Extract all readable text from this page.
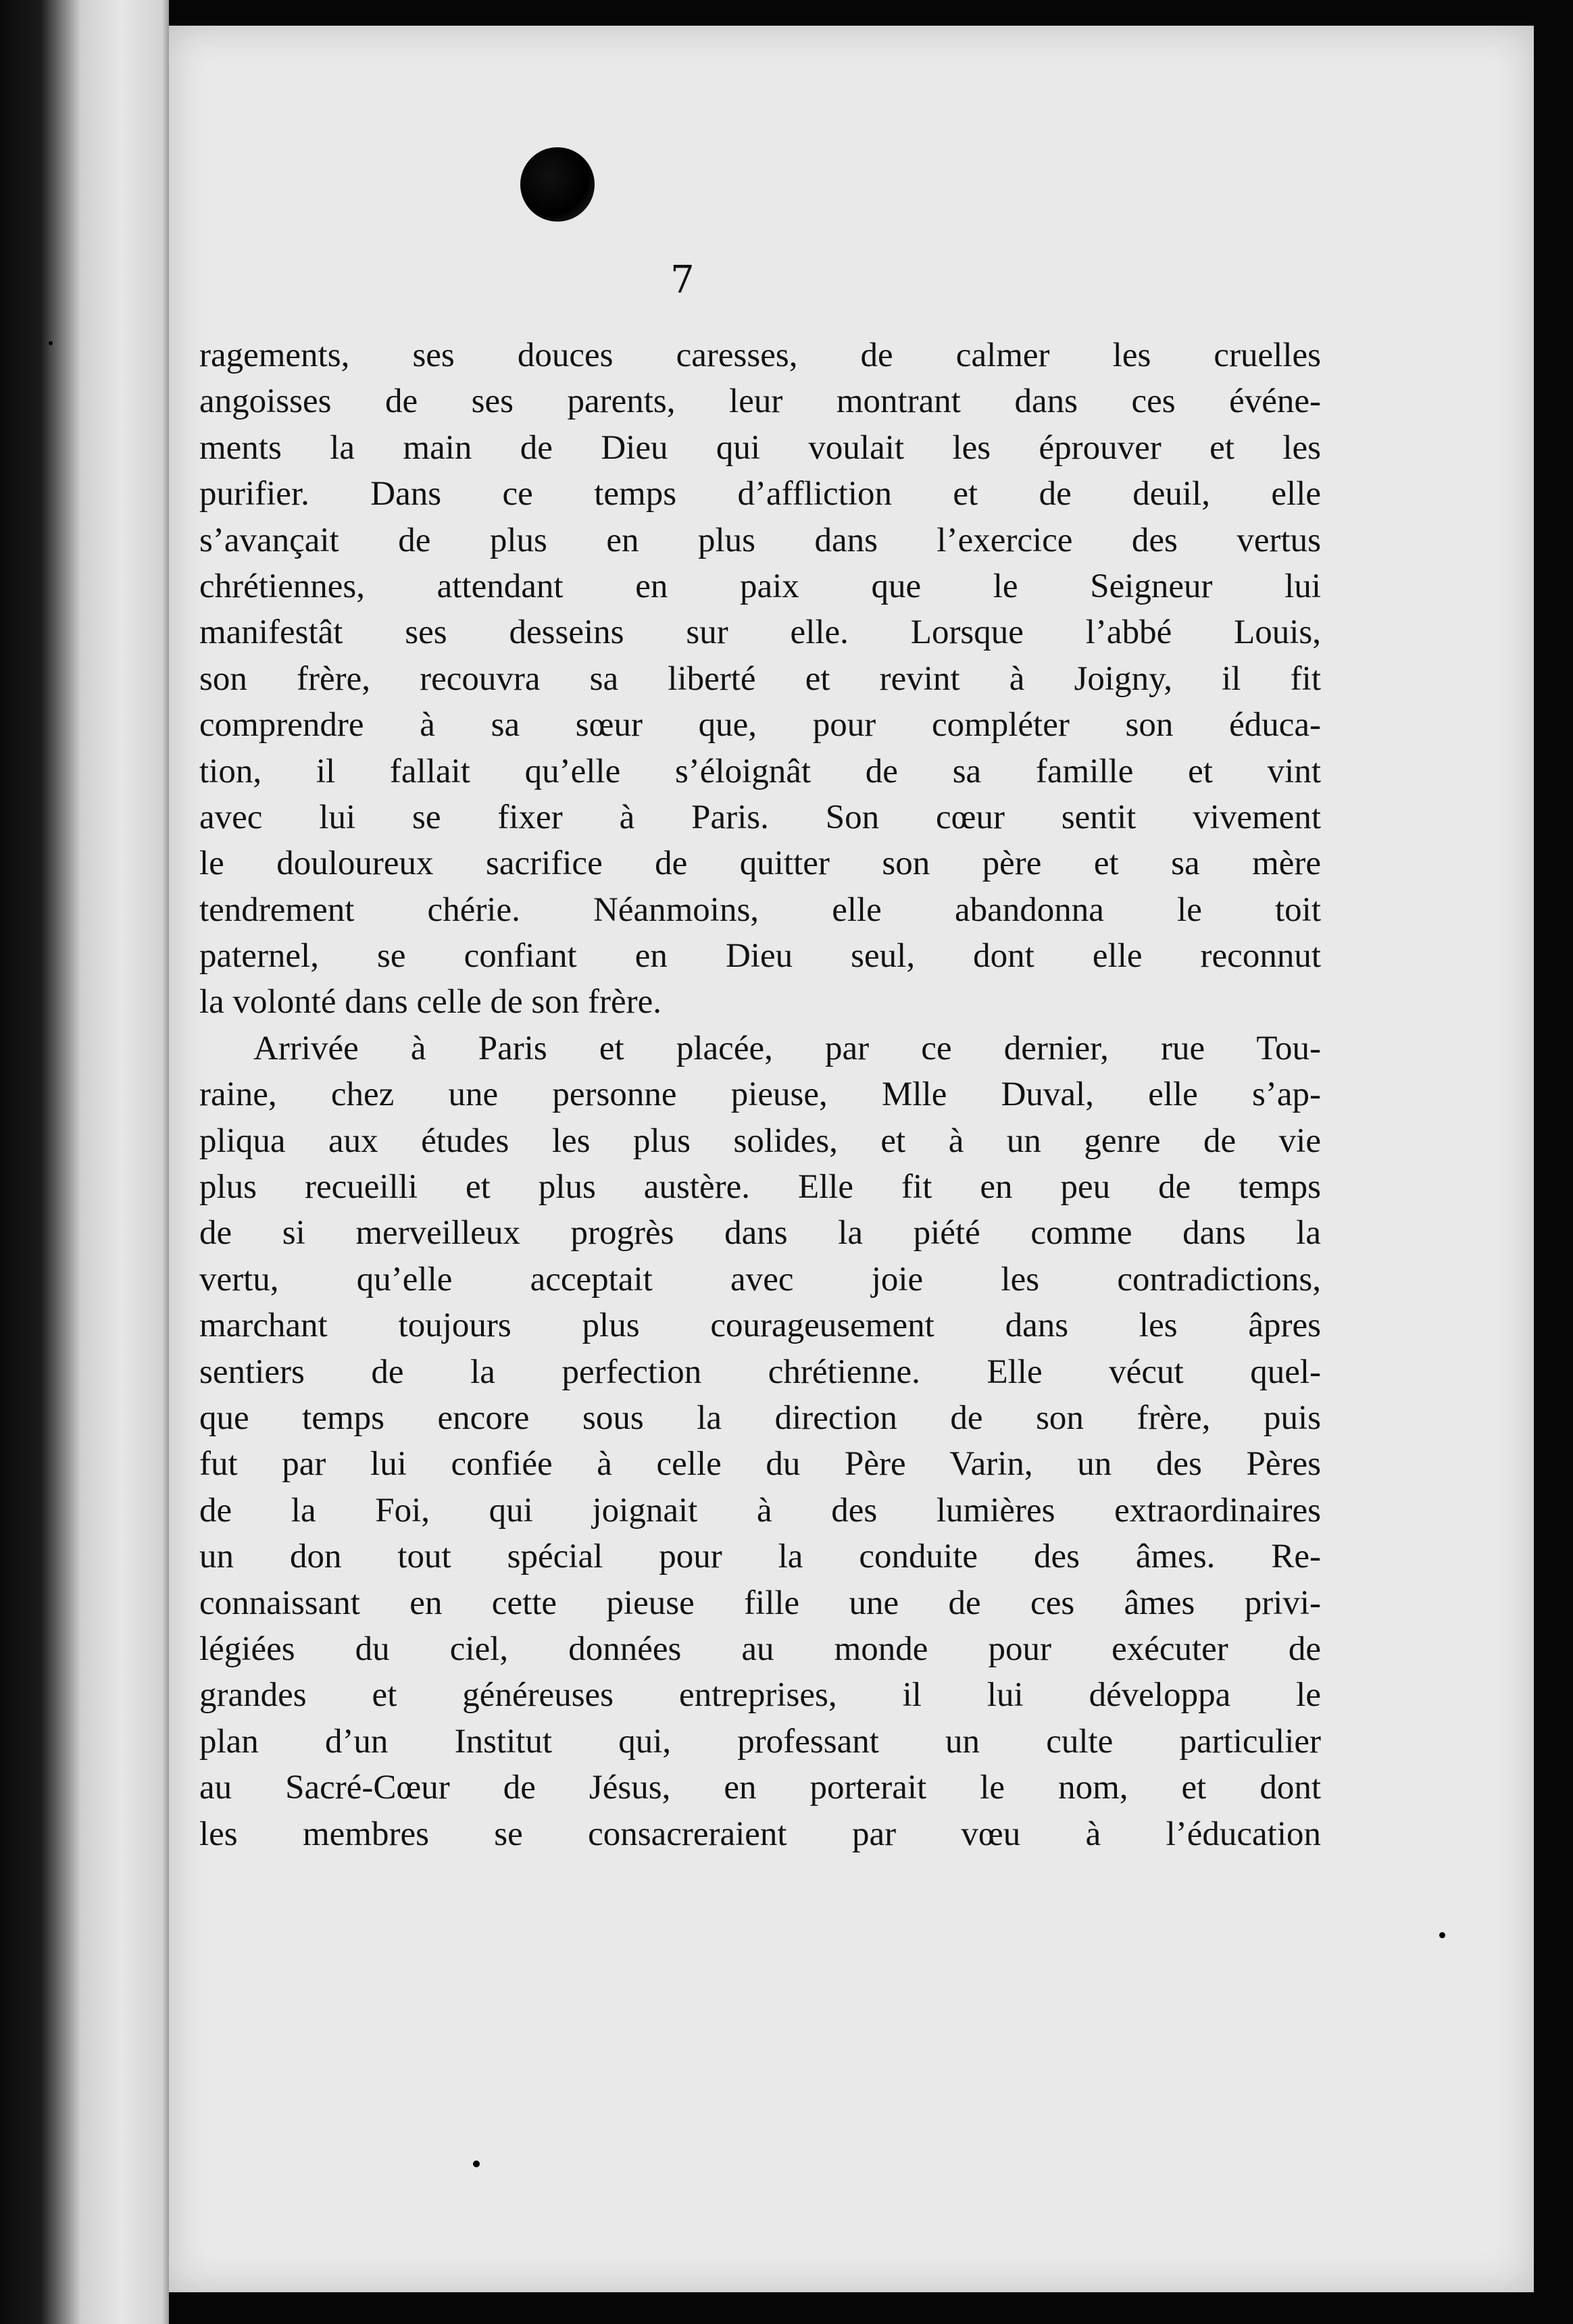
7
ragements, ses douces caresses, de calmer les cruelles
angoisses de ses parents, leur montrant dans ces événe-
ments la main de Dieu qui voulait les éprouver et les
purifier. Dans ce temps d’affliction et de deuil, elle
s’avançait de plus en plus dans l’exercice des vertus
chrétiennes, attendant en paix que le Seigneur lui
manifestât ses desseins sur elle. Lorsque l’abbé Louis,
son frère, recouvra sa liberté et revint à Joigny, il fit
comprendre à sa sœur que, pour compléter son éduca-
tion, il fallait qu’elle s’éloignât de sa famille et vint
avec lui se fixer à Paris. Son cœur sentit vivement
le douloureux sacrifice de quitter son père et sa mère
tendrement chérie. Néanmoins, elle abandonna le toit
paternel, se confiant en Dieu seul, dont elle reconnut
la volonté dans celle de son frère.
Arrivée à Paris et placée, par ce dernier, rue Tou-
raine, chez une personne pieuse, Mlle Duval, elle s’ap-
pliqua aux études les plus solides, et à un genre de vie
plus recueilli et plus austère. Elle fit en peu de temps
de si merveilleux progrès dans la piété comme dans la
vertu, qu’elle acceptait avec joie les contradictions,
marchant toujours plus courageusement dans les âpres
sentiers de la perfection chrétienne. Elle vécut quel-
que temps encore sous la direction de son frère, puis
fut par lui confiée à celle du Père Varin, un des Pères
de la Foi, qui joignait à des lumières extraordinaires
un don tout spécial pour la conduite des âmes. Re-
connaissant en cette pieuse fille une de ces âmes privi-
légiées du ciel, données au monde pour exécuter de
grandes et généreuses entreprises, il lui développa le
plan d’un Institut qui, professant un culte particulier
au Sacré-Cœur de Jésus, en porterait le nom, et dont
les membres se consacreraient par vœu à l’éducation
